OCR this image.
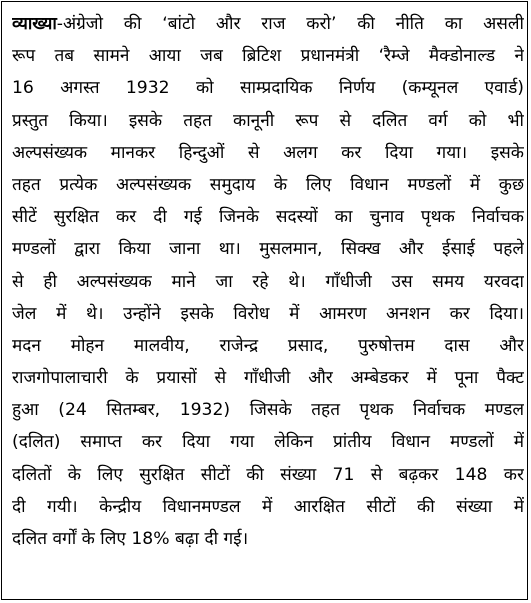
व्याख्या-अंग्रेजो की ‘बांटो और राज करो’ की नीति का असली
रूप तब सामने आया जब ब्रिटिश प्रधानमंत्री ‘रैम्जे मैक्डोनाल्ड ने
16 अगस्त 1932 को साम्प्रदायिक निर्णय (कम्यूनल एवार्ड)
प्रस्तुत किया। इसके तहत कानूनी रूप से दलित वर्ग को भी
अल्पसंख्यक मानकर हिन्दुओं से अलग कर दिया गया। इसके
तहत प्रत्येक अल्पसंख्यक समुदाय के लिए विधान मण्डलों में कुछ
सीटें सुरक्षित कर दी गई जिनके सदस्यों का चुनाव पृथक निर्वाचक
मण्डलों द्वारा किया जाना था। मुसलमान, सिक्ख और ईसाई पहले
से ही अल्पसंख्यक माने जा रहे थे। गाँधीजी उस समय यरवदा
जेल में थे। उन्होंने इसके विरोध में आमरण अनशन कर दिया।
मदन मोहन मालवीय, राजेन्द्र प्रसाद, पुरुषोत्तम दास और
राजगोपालाचारी के प्रयासों से गाँधीजी और अम्बेडकर में पूना पैक्ट
हुआ (24 सितम्बर, 1932) जिसके तहत पृथक निर्वाचक मण्डल
(दलित) समाप्त कर दिया गया लेकिन प्रांतीय विधान मण्डलों में
दलितों के लिए सुरक्षित सीटों की संख्या 71 से बढ़कर 148 कर
दी गयी। केन्द्रीय विधानमण्डल में आरक्षित सीटों की संख्या में
दलित वर्गों के लिए 18% बढ़ा दी गई।
